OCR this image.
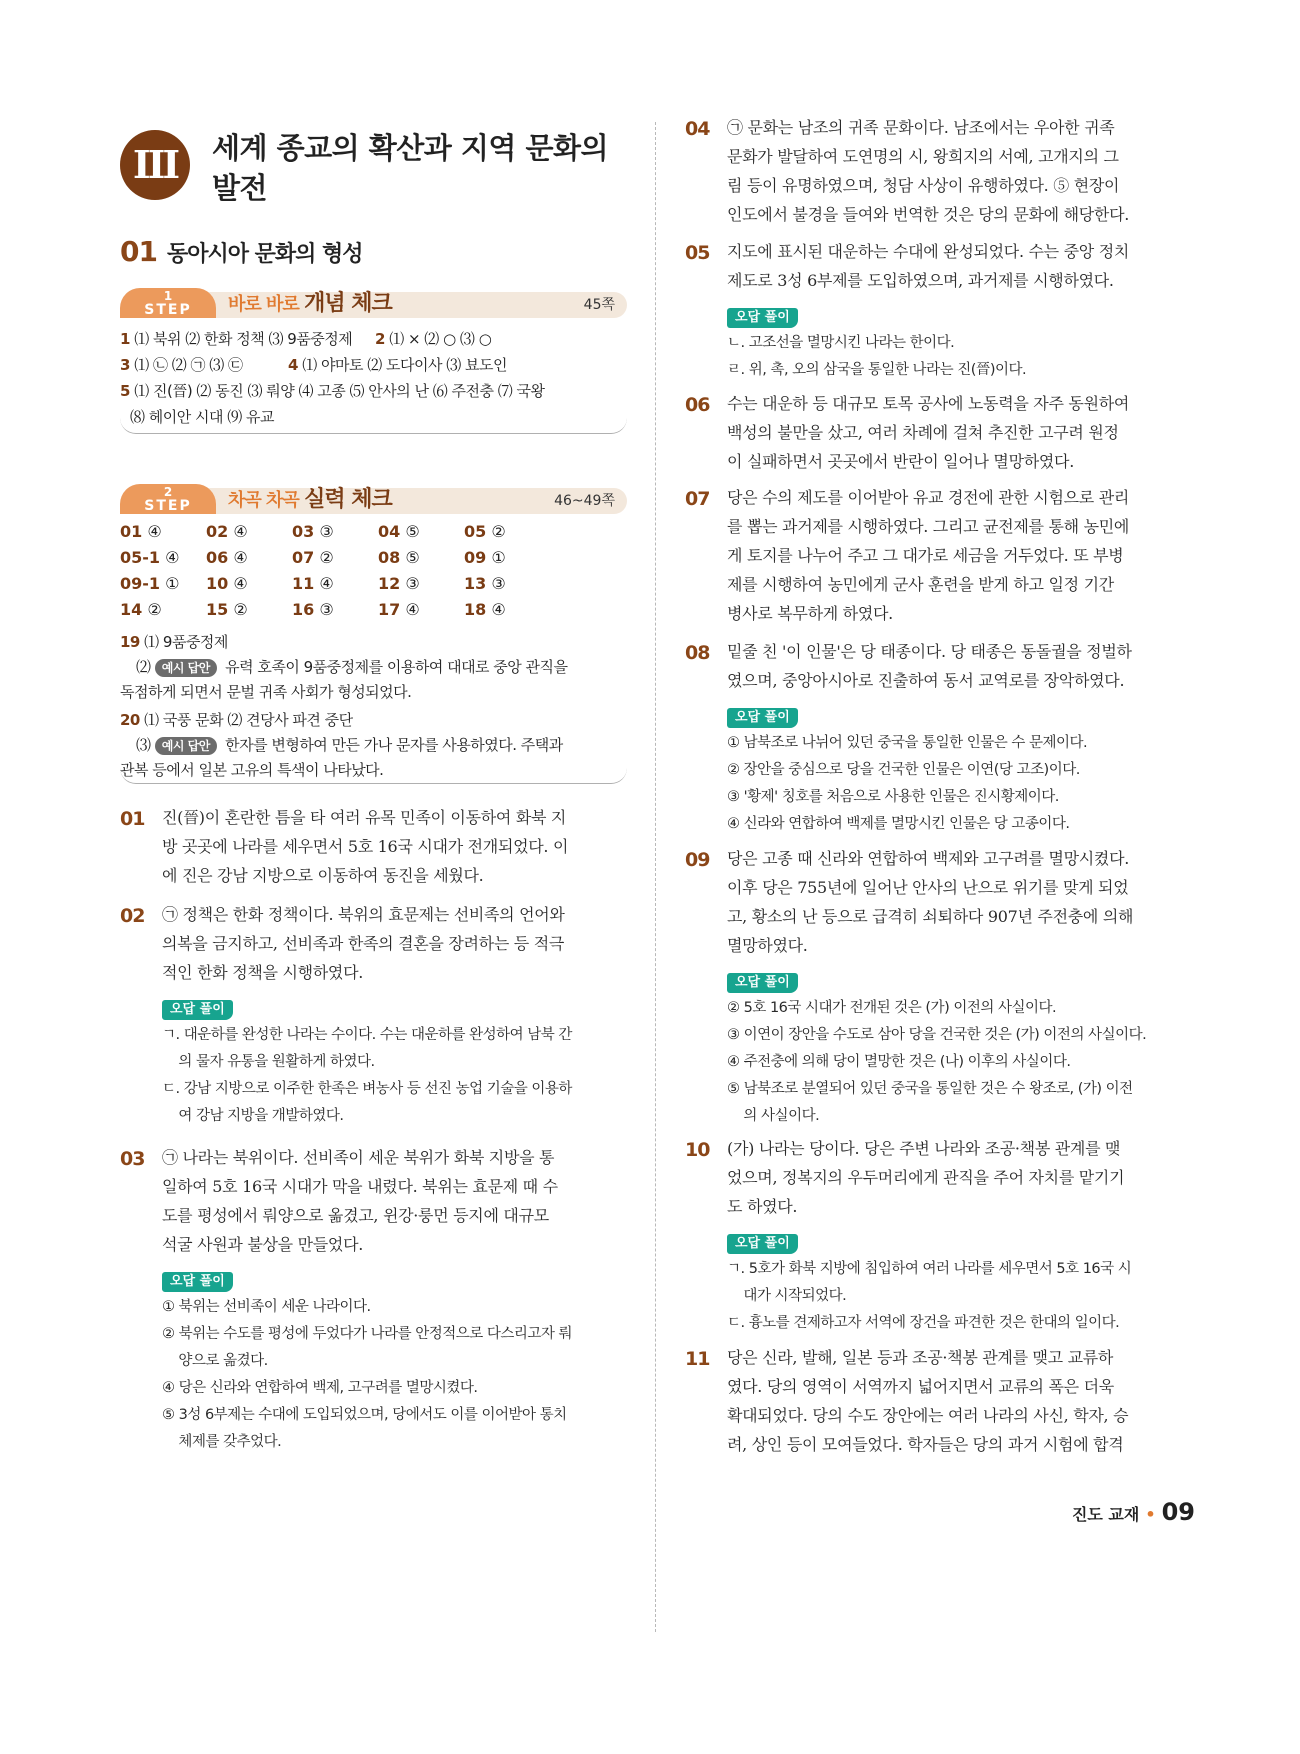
III	세계 종교의 확산과 지역 문화의
발전
01 동아시아 문화의 형성
1
STEP	바로 바로 개념 체크	45쪽
1 ⑴ 북위 ⑵ 한화 정책 ⑶ 9품중정제 2 ⑴ × ⑵ ○ ⑶ ○
3 ⑴ ㉡ ⑵ ㉠ ⑶ ㉢	4 ⑴ 야마토 ⑵ 도다이사 ⑶ 뵤도인
5 ⑴ 진(晉) ⑵ 동진 ⑶ 뤄양 ⑷ 고종 ⑸ 안사의 난 ⑹ 주전충 ⑺ 국왕
⑻ 헤이안 시대 ⑼ 유교
2
STEP	차곡 차곡 실력 체크	46~49쪽
01 ④	02 ④	03 ③	04 ⑤	05 ②
05-1 ④ 06 ④	07 ②	08 ⑤	09 ①
09-1 ① 10 ④	11 ④	12 ③	13 ③
14 ②	15 ②	16 ③	17 ④	18 ④
19 ⑴ 9품중정제
⑵ 예시 답안 유력 호족이 9품중정제를 이용하여 대대로 중앙 관직을
독점하게 되면서 문벌 귀족 사회가 형성되었다.
20 ⑴ 국풍 문화 ⑵ 견당사 파견 중단
⑶ 예시 답안 한자를 변형하여 만든 가나 문자를 사용하였다. 주택과
관복 등에서 일본 고유의 특색이 나타났다.
01 진(晉)이 혼란한 틈을 타 여러 유목 민족이 이동하여 화북 지
방 곳곳에 나라를 세우면서 5호 16국 시대가 전개되었다. 이
에 진은 강남 지방으로 이동하여 동진을 세웠다.
02 ㉠ 정책은 한화 정책이다. 북위의 효문제는 선비족의 언어와
의복을 금지하고, 선비족과 한족의 결혼을 장려하는 등 적극
적인 한화 정책을 시행하였다.
오답 풀이
ㄱ. 대운하를 완성한 나라는 수이다. 수는 대운하를 완성하여 남북 간
의 물자 유통을 원활하게 하였다.
ㄷ. 강남 지방으로 이주한 한족은 벼농사 등 선진 농업 기술을 이용하
여 강남 지방을 개발하였다.
03 ㉠ 나라는 북위이다. 선비족이 세운 북위가 화북 지방을 통
일하여 5호 16국 시대가 막을 내렸다. 북위는 효문제 때 수
도를 평성에서 뤄양으로 옮겼고, 윈강·룽먼 등지에 대규모
석굴 사원과 불상을 만들었다.
오답 풀이
① 북위는 선비족이 세운 나라이다.
② 북위는 수도를 평성에 두었다가 나라를 안정적으로 다스리고자 뤄
양으로 옮겼다.
④ 당은 신라와 연합하여 백제, 고구려를 멸망시켰다.
⑤ 3성 6부제는 수대에 도입되었으며, 당에서도 이를 이어받아 통치
체제를 갖추었다.
04 ㉠ 문화는 남조의 귀족 문화이다. 남조에서는 우아한 귀족
문화가 발달하여 도연명의 시, 왕희지의 서예, 고개지의 그
림 등이 유명하였으며, 청담 사상이 유행하였다. ⑤ 현장이
인도에서 불경을 들여와 번역한 것은 당의 문화에 해당한다.
05 지도에 표시된 대운하는 수대에 완성되었다. 수는 중앙 정치
제도로 3성 6부제를 도입하였으며, 과거제를 시행하였다.
오답 풀이
ㄴ. 고조선을 멸망시킨 나라는 한이다.
ㄹ. 위, 촉, 오의 삼국을 통일한 나라는 진(晉)이다.
06 수는 대운하 등 대규모 토목 공사에 노동력을 자주 동원하여
백성의 불만을 샀고, 여러 차례에 걸쳐 추진한 고구려 원정
이 실패하면서 곳곳에서 반란이 일어나 멸망하였다.
07 당은 수의 제도를 이어받아 유교 경전에 관한 시험으로 관리
를 뽑는 과거제를 시행하였다. 그리고 균전제를 통해 농민에
게 토지를 나누어 주고 그 대가로 세금을 거두었다. 또 부병
제를 시행하여 농민에게 군사 훈련을 받게 하고 일정 기간
병사로 복무하게 하였다.
08 밑줄 친 '이 인물'은 당 태종이다. 당 태종은 동돌궐을 정벌하
였으며, 중앙아시아로 진출하여 동서 교역로를 장악하였다.
오답 풀이
① 남북조로 나뉘어 있던 중국을 통일한 인물은 수 문제이다.
② 장안을 중심으로 당을 건국한 인물은 이연(당 고조)이다.
③ '황제' 칭호를 처음으로 사용한 인물은 진시황제이다.
④ 신라와 연합하여 백제를 멸망시킨 인물은 당 고종이다.
09 당은 고종 때 신라와 연합하여 백제와 고구려를 멸망시켰다.
이후 당은 755년에 일어난 안사의 난으로 위기를 맞게 되었
고, 황소의 난 등으로 급격히 쇠퇴하다 907년 주전충에 의해
멸망하였다.
오답 풀이
② 5호 16국 시대가 전개된 것은 (가) 이전의 사실이다.
③ 이연이 장안을 수도로 삼아 당을 건국한 것은 (가) 이전의 사실이다.
④ 주전충에 의해 당이 멸망한 것은 (나) 이후의 사실이다.
⑤ 남북조로 분열되어 있던 중국을 통일한 것은 수 왕조로, (가) 이전
의 사실이다.
10 (가) 나라는 당이다. 당은 주변 나라와 조공·책봉 관계를 맺
었으며, 정복지의 우두머리에게 관직을 주어 자치를 맡기기
도 하였다.
오답 풀이
ㄱ. 5호가 화북 지방에 침입하여 여러 나라를 세우면서 5호 16국 시
대가 시작되었다.
ㄷ. 흉노를 견제하고자 서역에 장건을 파견한 것은 한대의 일이다.
11 당은 신라, 발해, 일본 등과 조공·책봉 관계를 맺고 교류하
였다. 당의 영역이 서역까지 넓어지면서 교류의 폭은 더욱
확대되었다. 당의 수도 장안에는 여러 나라의 사신, 학자, 승
려, 상인 등이 모여들었다. 학자들은 당의 과거 시험에 합격
진도 교재 • 09
